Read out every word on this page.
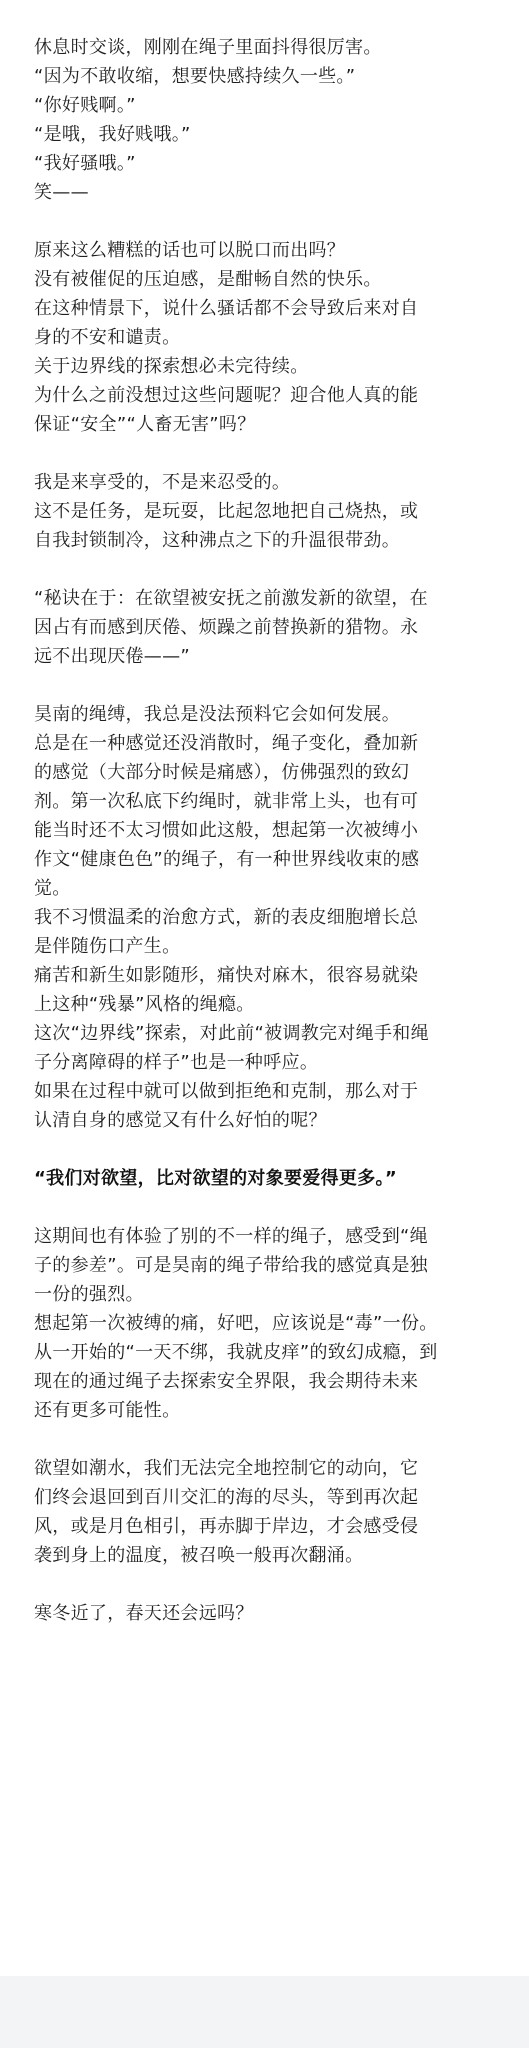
休息时交谈，刚刚在绳子里面抖得很厉害。
“因为不敢收缩，想要快感持续久一些。”
“你好贱啊。”
“是哦，我好贱哦。”
“我好骚哦。”
笑——
原来这么糟糕的话也可以脱口而出吗？
没有被催促的压迫感，是酣畅自然的快乐。
在这种情景下，说什么骚话都不会导致后来对自
身的不安和谴责。
关于边界线的探索想必未完待续。
为什么之前没想过这些问题呢？迎合他人真的能
保证“安全”“人畜无害”吗？
我是来享受的，不是来忍受的。
这不是任务，是玩耍，比起忽地把自己烧热，或
自我封锁制冷，这种沸点之下的升温很带劲。
“秘诀在于：在欲望被安抚之前激发新的欲望，在
因占有而感到厌倦、烦躁之前替换新的猎物。永
远不出现厌倦——”
昊南的绳缚，我总是没法预料它会如何发展。
总是在一种感觉还没消散时，绳子变化，叠加新
的感觉（大部分时候是痛感），仿佛强烈的致幻
剂。第一次私底下约绳时，就非常上头，也有可
能当时还不太习惯如此这般，想起第一次被缚小
作文“健康色色”的绳子，有一种世界线收束的感
觉。
我不习惯温柔的治愈方式，新的表皮细胞增长总
是伴随伤口产生。
痛苦和新生如影随形，痛快对麻木，很容易就染
上这种“残暴”风格的绳瘾。
这次“边界线”探索，对此前“被调教完对绳手和绳
子分离障碍的样子”也是一种呼应。
如果在过程中就可以做到拒绝和克制，那么对于
认清自身的感觉又有什么好怕的呢？
“我们对欲望，比对欲望的对象要爱得更多。”
这期间也有体验了别的不一样的绳子，感受到“绳
子的参差”。可是昊南的绳子带给我的感觉真是独
一份的强烈。
想起第一次被缚的痛，好吧，应该说是“毒”一份。
从一开始的“一天不绑，我就皮痒”的致幻成瘾，到
现在的通过绳子去探索安全界限，我会期待未来
还有更多可能性。
欲望如潮水，我们无法完全地控制它的动向，它
们终会退回到百川交汇的海的尽头，等到再次起
风，或是月色相引，再赤脚于岸边，才会感受侵
袭到身上的温度，被召唤一般再次翻涌。
寒冬近了，春天还会远吗？
